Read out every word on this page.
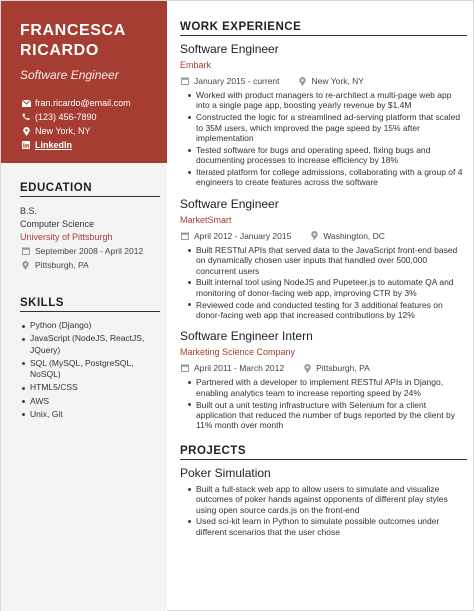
FRANCESCA
RICARDO
Software Engineer
fran.ricardo@email.com
(123) 456-7890
New York, NY
LinkedIn
EDUCATION
B.S.
Computer Science
University of Pittsburgh
September 2008 - April 2012
Pittsburgh, PA
SKILLS
Python (Django)
JavaScript (NodeJS, ReactJS, JQuery)
SQL (MySQL, PostgreSQL, NoSQL)
HTML5/CSS
AWS
Unix, Git
WORK EXPERIENCE
Software Engineer
Embark
January 2015 - current	New York, NY
Worked with product managers to re-architect a multi-page web app into a single page app, boosting yearly revenue by $1.4M
Constructed the logic for a streamlined ad-serving platform that scaled to 35M users, which improved the page speed by 15% after implementation
Tested software for bugs and operating speed, fixing bugs and documenting processes to increase efficiency by 18%
Iterated platform for college admissions, collaborating with a group of 4 engineers to create features across the software
Software Engineer
MarketSmart
April 2012 - January 2015	Washington, DC
Built RESTful APIs that served data to the JavaScript front-end based on dynamically chosen user inputs that handled over 500,000 concurrent users
Built internal tool using NodeJS and Pupeteer.js to automate QA and monitoring of donor-facing web app, improving CTR by 3%
Reviewed code and conducted testing for 3 additional features on donor-facing web app that increased contributions by 12%
Software Engineer Intern
Marketing Science Company
April 2011 - March 2012	Pittsburgh, PA
Partnered with a developer to implement RESTful APIs in Django, enabling analytics team to increase reporting speed by 24%
Built out a unit testing infrastructure with Selenium for a client application that reduced the number of bugs reported by the client by 11% month over month
PROJECTS
Poker Simulation
Built a full-stack web app to allow users to simulate and visualize outcomes of poker hands against opponents of different play styles using open source cards.js on the front-end
Used sci-kit learn in Python to simulate possible outcomes under different scenarios that the user chose
